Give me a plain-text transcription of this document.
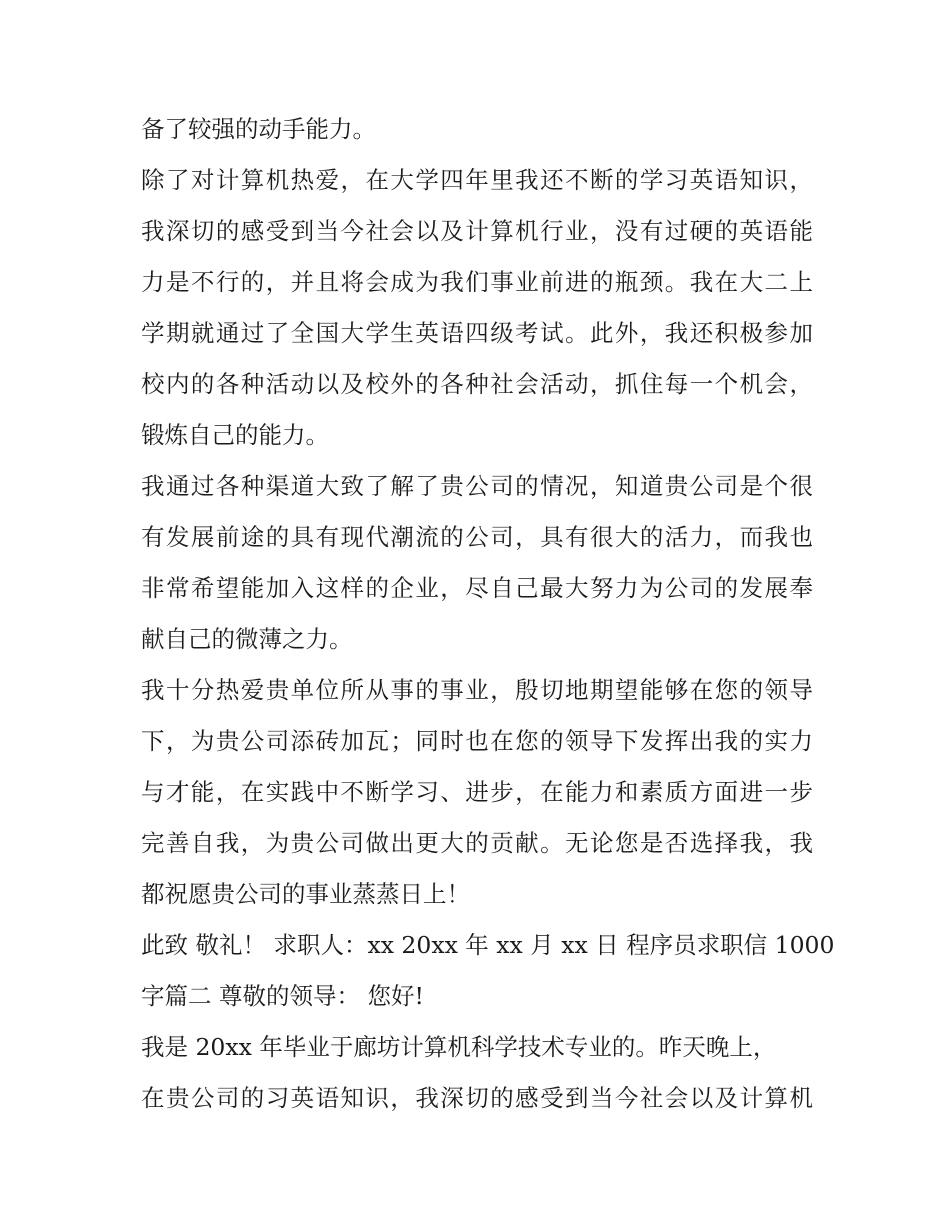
备了较强的动手能力。
除了对计算机热爱，在大学四年里我还不断的学习英语知识，
我深切的感受到当今社会以及计算机行业，没有过硬的英语能
力是不行的，并且将会成为我们事业前进的瓶颈。我在大二上
学期就通过了全国大学生英语四级考试。此外，我还积极参加
校内的各种活动以及校外的各种社会活动，抓住每一个机会，
锻炼自己的能力。
我通过各种渠道大致了解了贵公司的情况，知道贵公司是个很
有发展前途的具有现代潮流的公司，具有很大的活力，而我也
非常希望能加入这样的企业，尽自己最大努力为公司的发展奉
献自己的微薄之力。
我十分热爱贵单位所从事的事业，殷切地期望能够在您的领导
下，为贵公司添砖加瓦；同时也在您的领导下发挥出我的实力
与才能，在实践中不断学习、进步，在能力和素质方面进一步
完善自我，为贵公司做出更大的贡献。无论您是否选择我，我
都祝愿贵公司的事业蒸蒸日上！
此致 敬礼！ 求职人：xx 20xx 年 xx 月 xx 日 程序员求职信 1000
字篇二 尊敬的领导： 您好!
我是 20xx 年毕业于廊坊计算机科学技术专业的。昨天晚上，
在贵公司的习英语知识，我深切的感受到当今社会以及计算机
